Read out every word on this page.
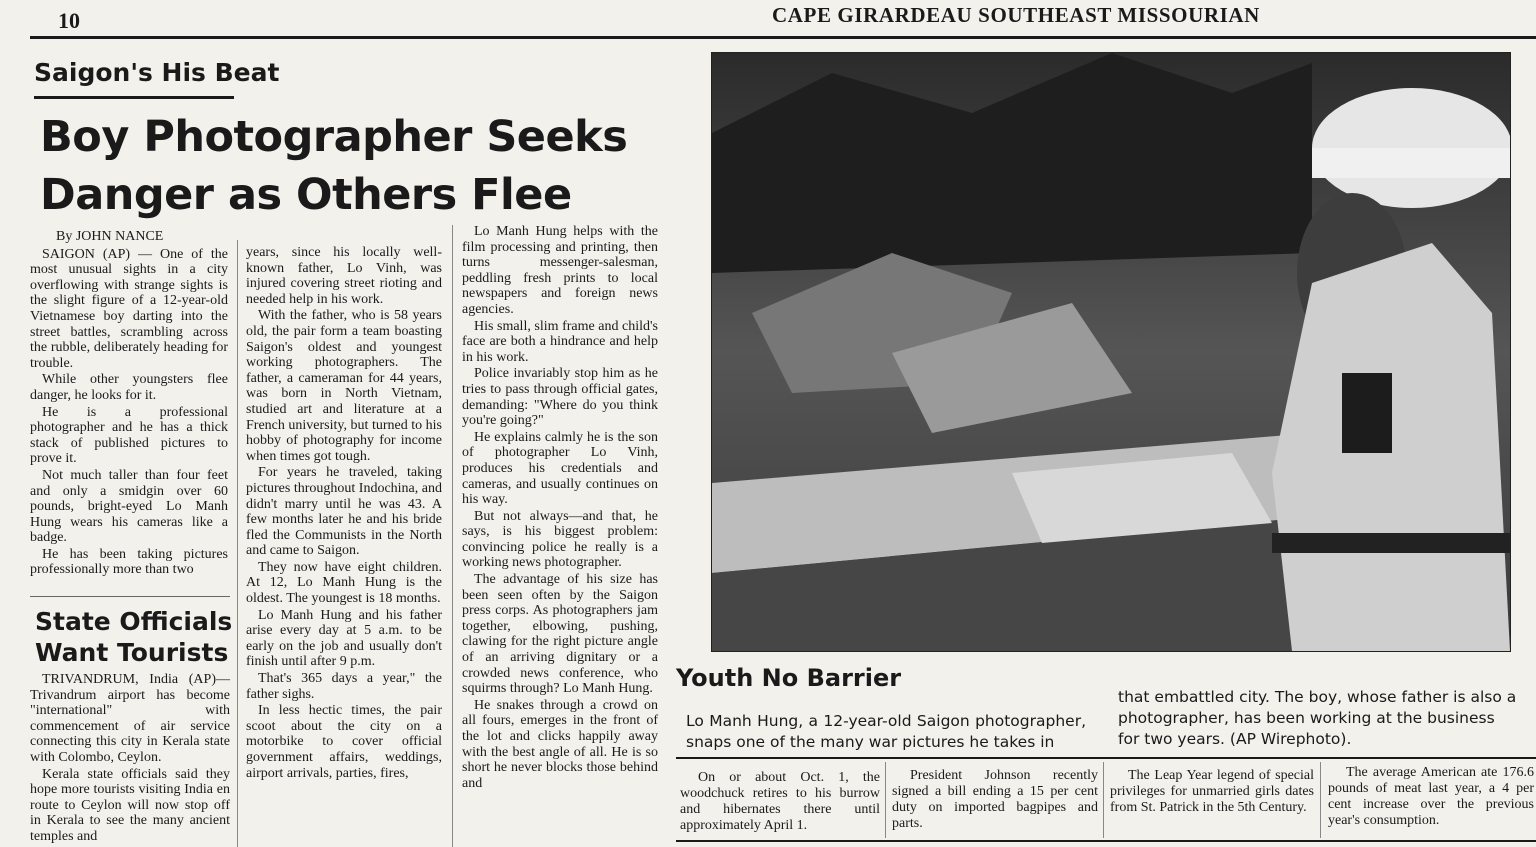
10	CAPE GIRARDEAU SOUTHEAST MISSOURIAN
Saigon's His Beat
Boy Photographer Seeks
Danger as Others Flee
By JOHN NANCE

SAIGON (AP) — One of the most unusual sights in a city overflowing with strange sights is the slight figure of a 12-year-old Vietnamese boy darting into the street battles, scrambling across the rubble, deliberately heading for trouble.

While other youngsters flee danger, he looks for it.

He is a professional photographer and he has a thick stack of published pictures to prove it.

Not much taller than four feet and only a smidgin over 60 pounds, bright-eyed Lo Manh Hung wears his cameras like a badge.

He has been taking pictures professionally more than two

years, since his locally well-known father, Lo Vinh, was injured covering street rioting and needed help in his work.

With the father, who is 58 years old, the pair form a team boasting Saigon's oldest and youngest working photographers. The father, a cameraman for 44 years, was born in North Vietnam, studied art and literature at a French university, but turned to his hobby of photography for income when times got tough.

For years he traveled, taking pictures throughout Indochina, and didn't marry until he was 43. A few months later he and his bride fled the Communists in the North and came to Saigon.

They now have eight children. At 12, Lo Manh Hung is the oldest. The youngest is 18 months.

Lo Manh Hung and his father arise every day at 5 a.m. to be early on the job and usually don't finish until after 9 p.m.

That's 365 days a year," the father sighs.

In less hectic times, the pair scoot about the city on a motorbike to cover official government affairs, weddings, airport arrivals, parties, fires,

Lo Manh Hung helps with the film processing and printing, then turns messenger-salesman, peddling fresh prints to local newspapers and foreign news agencies.

His small, slim frame and child's face are both a hindrance and help in his work.

Police invariably stop him as he tries to pass through official gates, demanding: "Where do you think you're going?"

He explains calmly he is the son of photographer Lo Vinh, produces his credentials and cameras, and usually continues on his way.

But not always—and that, he says, is his biggest problem: convincing police he really is a working news photographer.

The advantage of his size has been seen often by the Saigon press corps. As photographers jam together, elbowing, pushing, clawing for the right picture angle of an arriving dignitary or a crowded news conference, who squirms through? Lo Manh Hung.

He snakes through a crowd on all fours, emerges in the front of the lot and clicks happily away with the best angle of all. He is so short he never blocks those behind and

State Officials
Want Tourists

TRIVANDRUM, India (AP)—Trivandrum airport has become "international" with commencement of air service connecting this city in Kerala state with Colombo, Ceylon.

Kerala state officials said they hope more tourists visiting India en route to Ceylon will now stop off in Kerala to see the many ancient temples and

Youth No Barrier
Lo Manh Hung, a 12-year-old Saigon photographer, snaps one of the many war pictures he takes in
that embattled city. The boy, whose father is also a photographer, has been working at the business for two years. (AP Wirephoto).

On or about Oct. 1, the woodchuck retires to his burrow and hibernates there until approximately April 1.

President Johnson recently signed a bill ending a 15 per cent duty on imported bagpipes and parts.

The Leap Year legend of special privileges for unmarried girls dates from St. Patrick in the 5th Century.

The average American ate 176.6 pounds of meat last year, a 4 per cent increase over the previous year's consumption.
